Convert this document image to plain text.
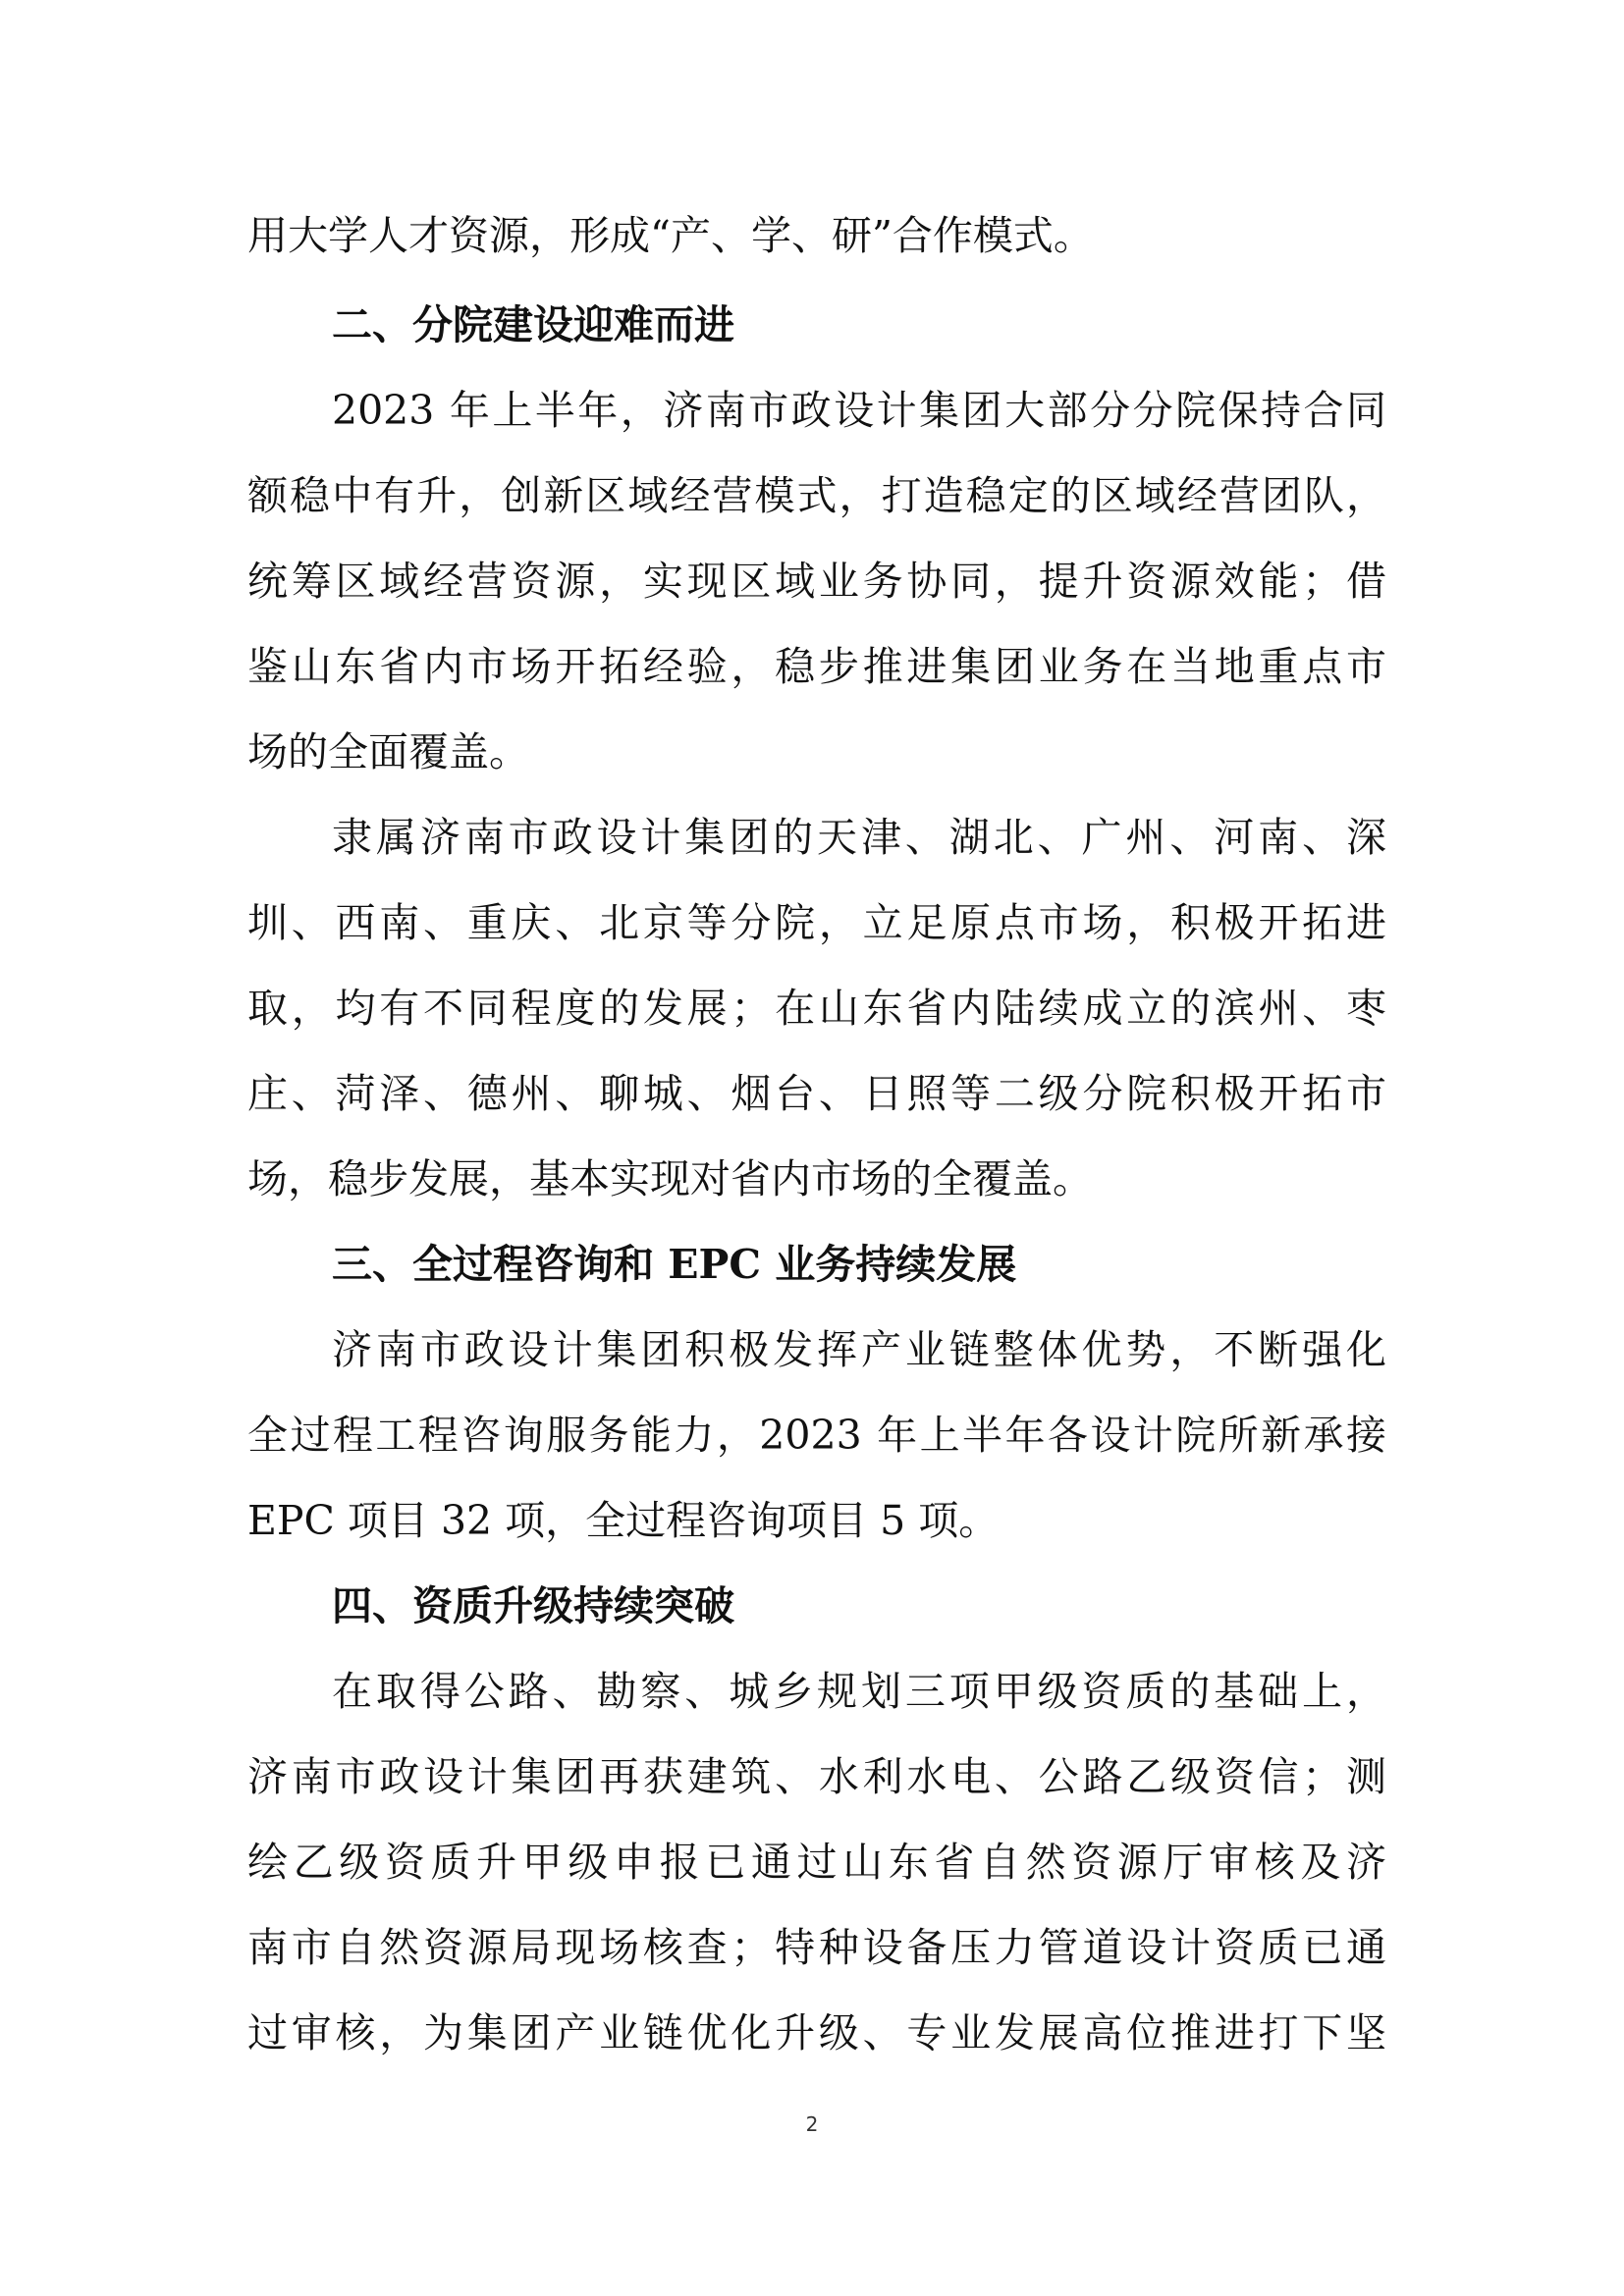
用大学人才资源，形成“产、学、研”合作模式。
二、分院建设迎难而进
2023 年上半年，济南市政设计集团大部分分院保持合同
额稳中有升，创新区域经营模式，打造稳定的区域经营团队，
统筹区域经营资源，实现区域业务协同，提升资源效能；借
鉴山东省内市场开拓经验，稳步推进集团业务在当地重点市
场的全面覆盖。
隶属济南市政设计集团的天津、湖北、广州、河南、深
圳、西南、重庆、北京等分院，立足原点市场，积极开拓进
取，均有不同程度的发展；在山东省内陆续成立的滨州、枣
庄、菏泽、德州、聊城、烟台、日照等二级分院积极开拓市
场，稳步发展，基本实现对省内市场的全覆盖。
三、全过程咨询和 EPC 业务持续发展
济南市政设计集团积极发挥产业链整体优势，不断强化
全过程工程咨询服务能力，2023 年上半年各设计院所新承接
EPC 项目 32 项，全过程咨询项目 5 项。
四、资质升级持续突破
在取得公路、勘察、城乡规划三项甲级资质的基础上，
济南市政设计集团再获建筑、水利水电、公路乙级资信；测
绘乙级资质升甲级申报已通过山东省自然资源厅审核及济
南市自然资源局现场核查；特种设备压力管道设计资质已通
过审核，为集团产业链优化升级、专业发展高位推进打下坚
2
